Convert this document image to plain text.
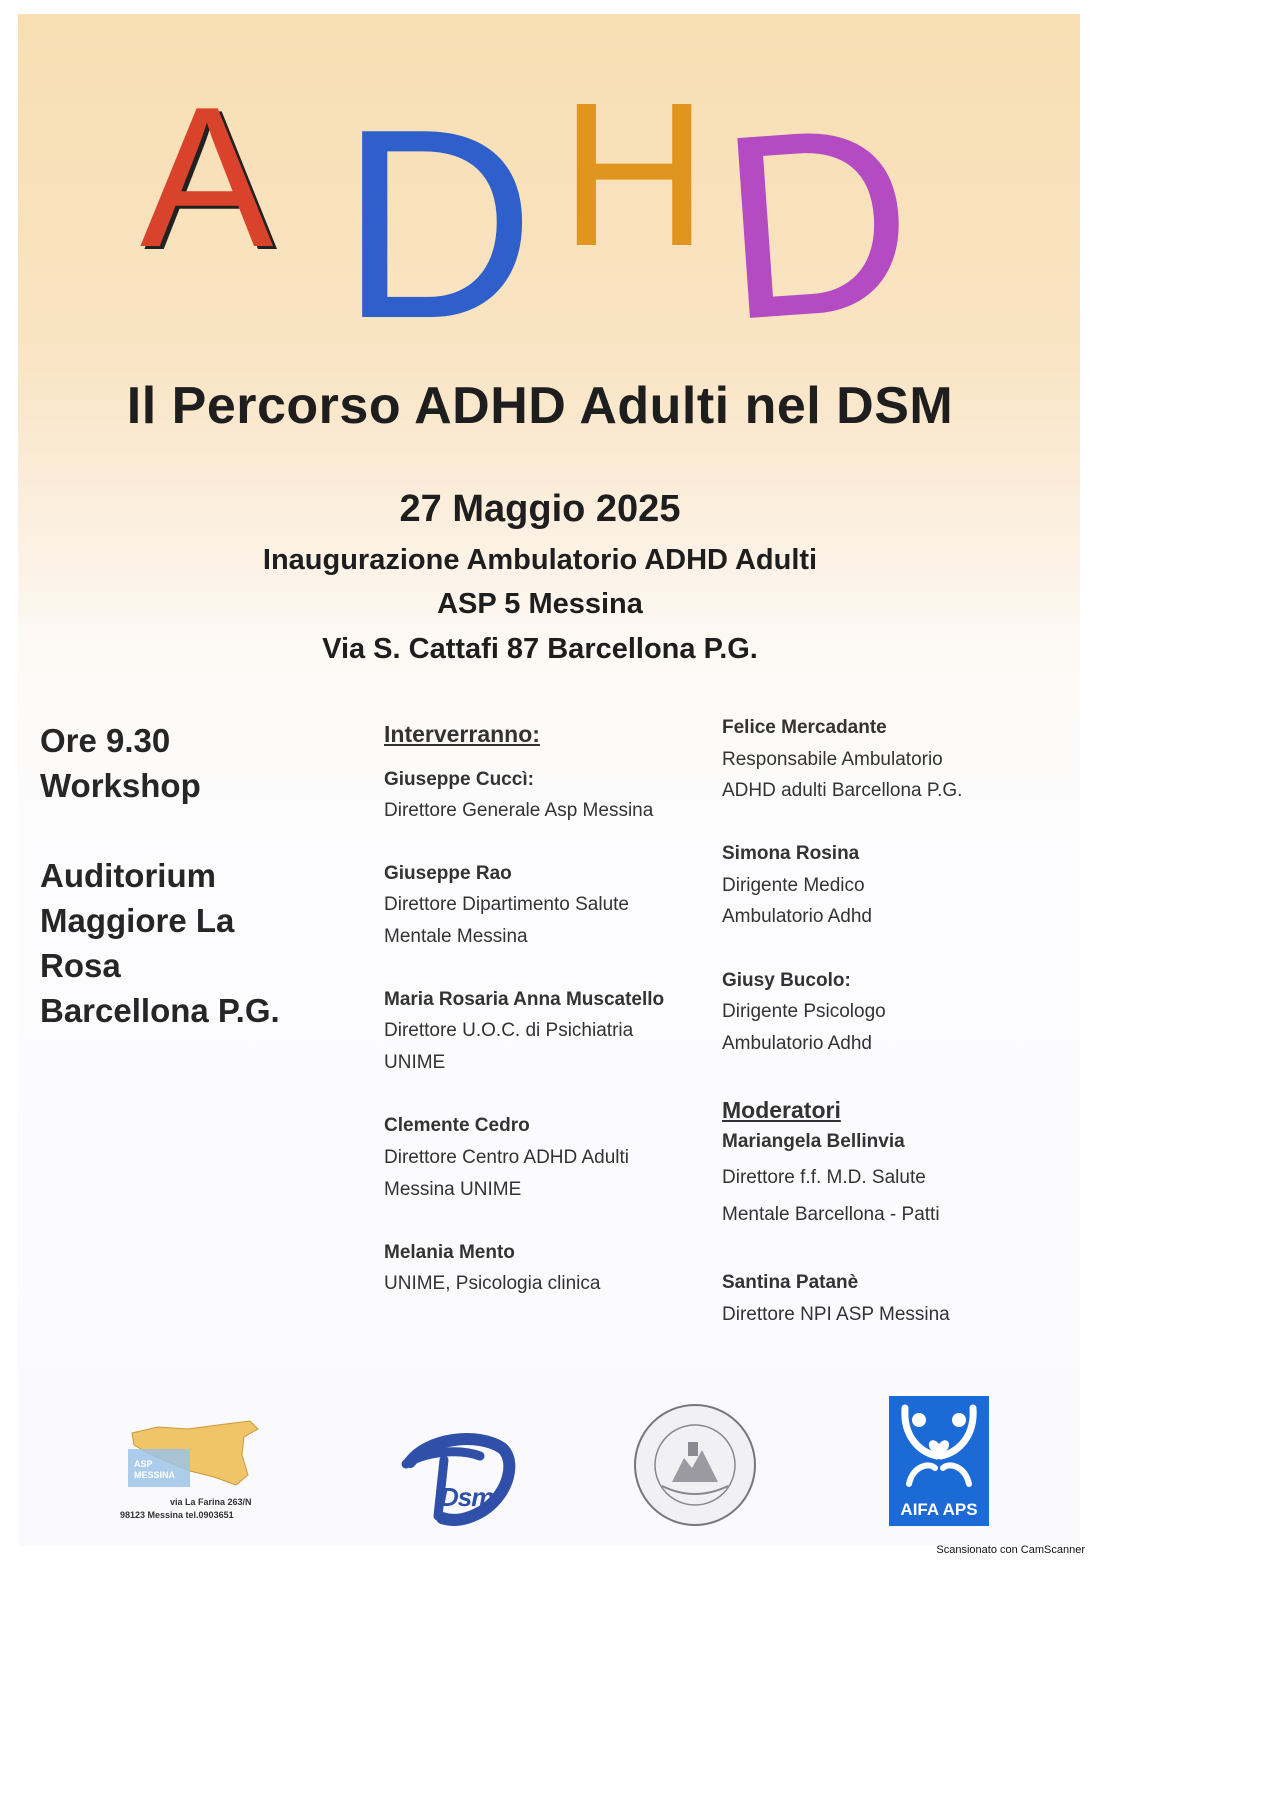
A D H D
Il Percorso ADHD Adulti nel DSM
27 Maggio 2025
Inaugurazione Ambulatorio ADHD Adulti
ASP 5 Messina
Via S. Cattafi 87 Barcellona P.G.
Ore 9.30
Workshop
Auditorium
Maggiore La
Rosa
Barcellona P.G.
Interverranno:
Giuseppe Cuccì:
Direttore Generale Asp Messina
Giuseppe Rao
Direttore Dipartimento Salute
Mentale Messina
Maria Rosaria Anna Muscatello
Direttore U.O.C. di Psichiatria
UNIME
Clemente Cedro
Direttore Centro ADHD Adulti
Messina UNIME
Melania Mento
UNIME, Psicologia clinica
Felice Mercadante
Responsabile Ambulatorio
ADHD adulti Barcellona P.G.
Simona Rosina
Dirigente Medico
Ambulatorio Adhd
Giusy Bucolo:
Dirigente Psicologo
Ambulatorio Adhd
Moderatori
Mariangela Bellinvia
Direttore f.f. M.D. Salute
Mentale Barcellona - Patti
Santina Patanè
Direttore NPI ASP Messina
ASP MESSINA
via La Farina 263/N
98123 Messina tel.0903651
Dsm	AIFA APS
Scansionato con CamScanner
